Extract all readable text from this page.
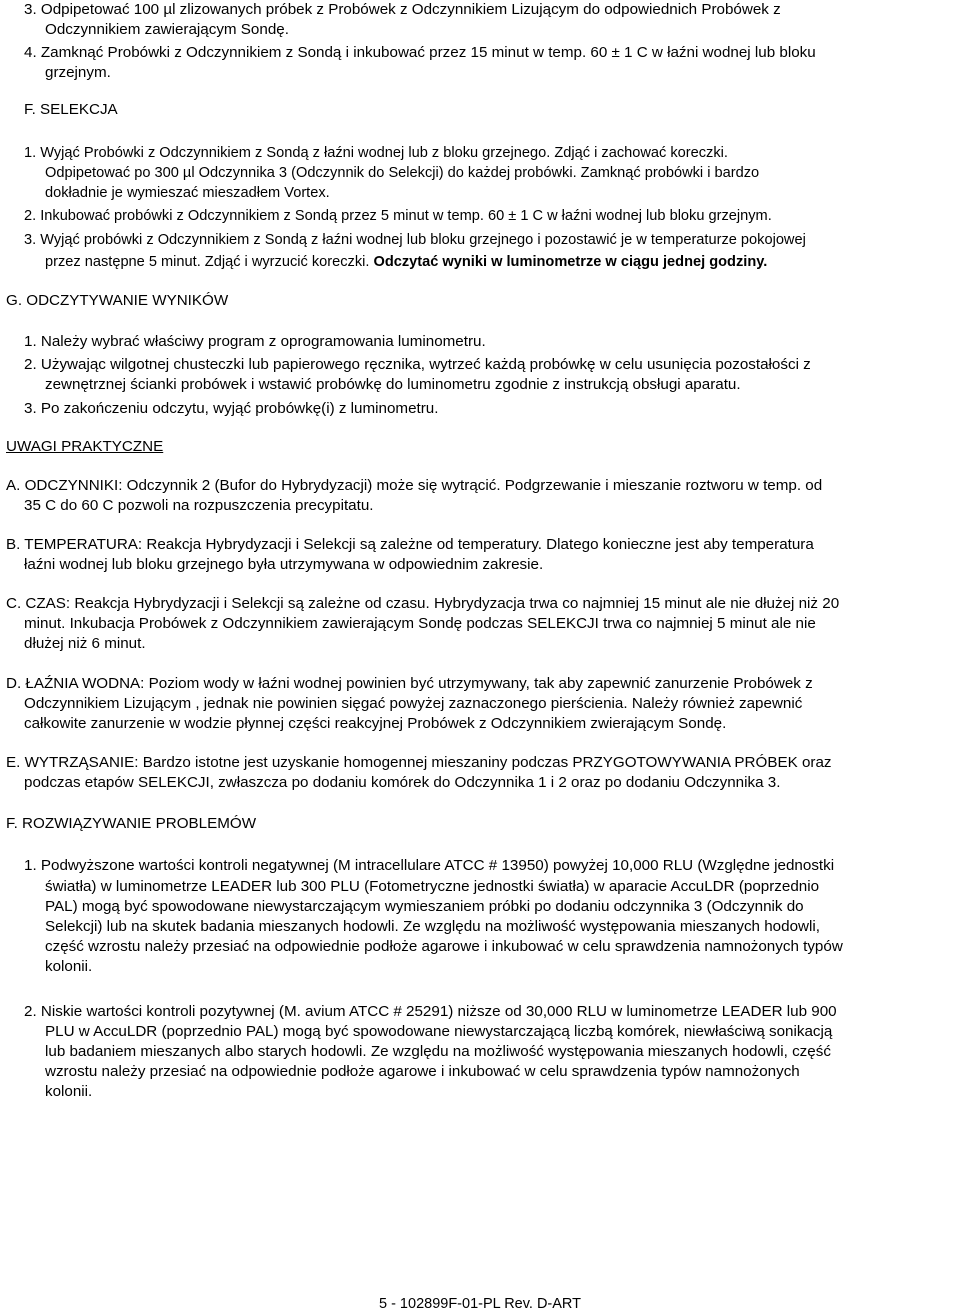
3. Odpipetować 100 µl zlizowanych próbek z Probówek z Odczynnikiem Lizującym do odpowiednich Probówek z
Odczynnikiem zawierającym Sondę.
4. Zamknąć Probówki z Odczynnikiem z Sondą i inkubować przez 15 minut w temp. 60 ± 1 C w łaźni wodnej lub bloku
grzejnym.
F. SELEKCJA
1. Wyjąć Probówki z Odczynnikiem z Sondą z łaźni wodnej lub z bloku grzejnego. Zdjąć i zachować koreczki.
Odpipetować po 300 µl Odczynnika 3 (Odczynnik do Selekcji) do każdej probówki. Zamknąć probówki i bardzo
dokładnie je wymieszać mieszadłem Vortex.
2. Inkubować probówki z Odczynnikiem z Sondą przez 5 minut w temp. 60 ± 1 C w łaźni wodnej lub bloku grzejnym.
3. Wyjąć probówki z Odczynnikiem z Sondą z łaźni wodnej lub bloku grzejnego i pozostawić je w temperaturze pokojowej
przez następne 5 minut. Zdjąć i wyrzucić koreczki. Odczytać wyniki w luminometrze w ciągu jednej godziny.
G. ODCZYTYWANIE WYNIKÓW
1. Należy wybrać właściwy program z oprogramowania luminometru.
2. Używając wilgotnej chusteczki lub papierowego ręcznika, wytrzeć każdą probówkę w celu usunięcia pozostałości z
zewnętrznej ścianki probówek i wstawić probówkę do luminometru zgodnie z instrukcją obsługi aparatu.
3. Po zakończeniu odczytu, wyjąć probówkę(i) z luminometru.
UWAGI PRAKTYCZNE
A. ODCZYNNIKI: Odczynnik 2 (Bufor do Hybrydyzacji) może się wytrącić. Podgrzewanie i mieszanie roztworu w temp. od
35 C do 60 C pozwoli na rozpuszczenia precypitatu.
B. TEMPERATURA: Reakcja Hybrydyzacji i Selekcji są zależne od temperatury. Dlatego konieczne jest aby temperatura
łaźni wodnej lub bloku grzejnego była utrzymywana w odpowiednim zakresie.
C. CZAS: Reakcja Hybrydyzacji i Selekcji są zależne od czasu. Hybrydyzacja trwa co najmniej 15 minut ale nie dłużej niż 20
minut. Inkubacja Probówek z Odczynnikiem zawierającym Sondę podczas SELEKCJI trwa co najmniej 5 minut ale nie
dłużej niż 6 minut.
D. ŁAŹNIA WODNA: Poziom wody w łaźni wodnej powinien być utrzymywany, tak aby zapewnić zanurzenie Probówek z
Odczynnikiem Lizującym , jednak nie powinien sięgać powyżej zaznaczonego pierścienia. Należy również zapewnić
całkowite zanurzenie w wodzie płynnej części reakcyjnej Probówek z Odczynnikiem zwierającym Sondę.
E. WYTRZĄSANIE: Bardzo istotne jest uzyskanie homogennej mieszaniny podczas PRZYGOTOWYWANIA PRÓBEK oraz
podczas etapów SELEKCJI, zwłaszcza po dodaniu komórek do Odczynnika 1 i 2 oraz po dodaniu Odczynnika 3.
F. ROZWIĄZYWANIE PROBLEMÓW
1. Podwyższone wartości kontroli negatywnej (M intracellulare ATCC # 13950) powyżej 10,000 RLU (Względne jednostki
światła) w luminometrze LEADER lub 300 PLU (Fotometryczne jednostki światła) w aparacie AccuLDR (poprzednio
PAL) mogą być spowodowane niewystarczającym wymieszaniem próbki po dodaniu odczynnika 3 (Odczynnik do
Selekcji) lub na skutek badania mieszanych hodowli. Ze względu na możliwość występowania mieszanych hodowli,
część wzrostu należy przesiać na odpowiednie podłoże agarowe i inkubować w celu sprawdzenia namnożonych typów
kolonii.
2. Niskie wartości kontroli pozytywnej (M. avium ATCC # 25291) niższe od 30,000 RLU w luminometrze LEADER lub 900
PLU w AccuLDR (poprzednio PAL) mogą być spowodowane niewystarczającą liczbą komórek, niewłaściwą sonikacją
lub badaniem mieszanych albo starych hodowli. Ze względu na możliwość występowania mieszanych hodowli, część
wzrostu należy przesiać na odpowiednie podłoże agarowe i inkubować w celu sprawdzenia typów namnożonych
kolonii.
5 - 102899F-01-PL Rev. D-ART
